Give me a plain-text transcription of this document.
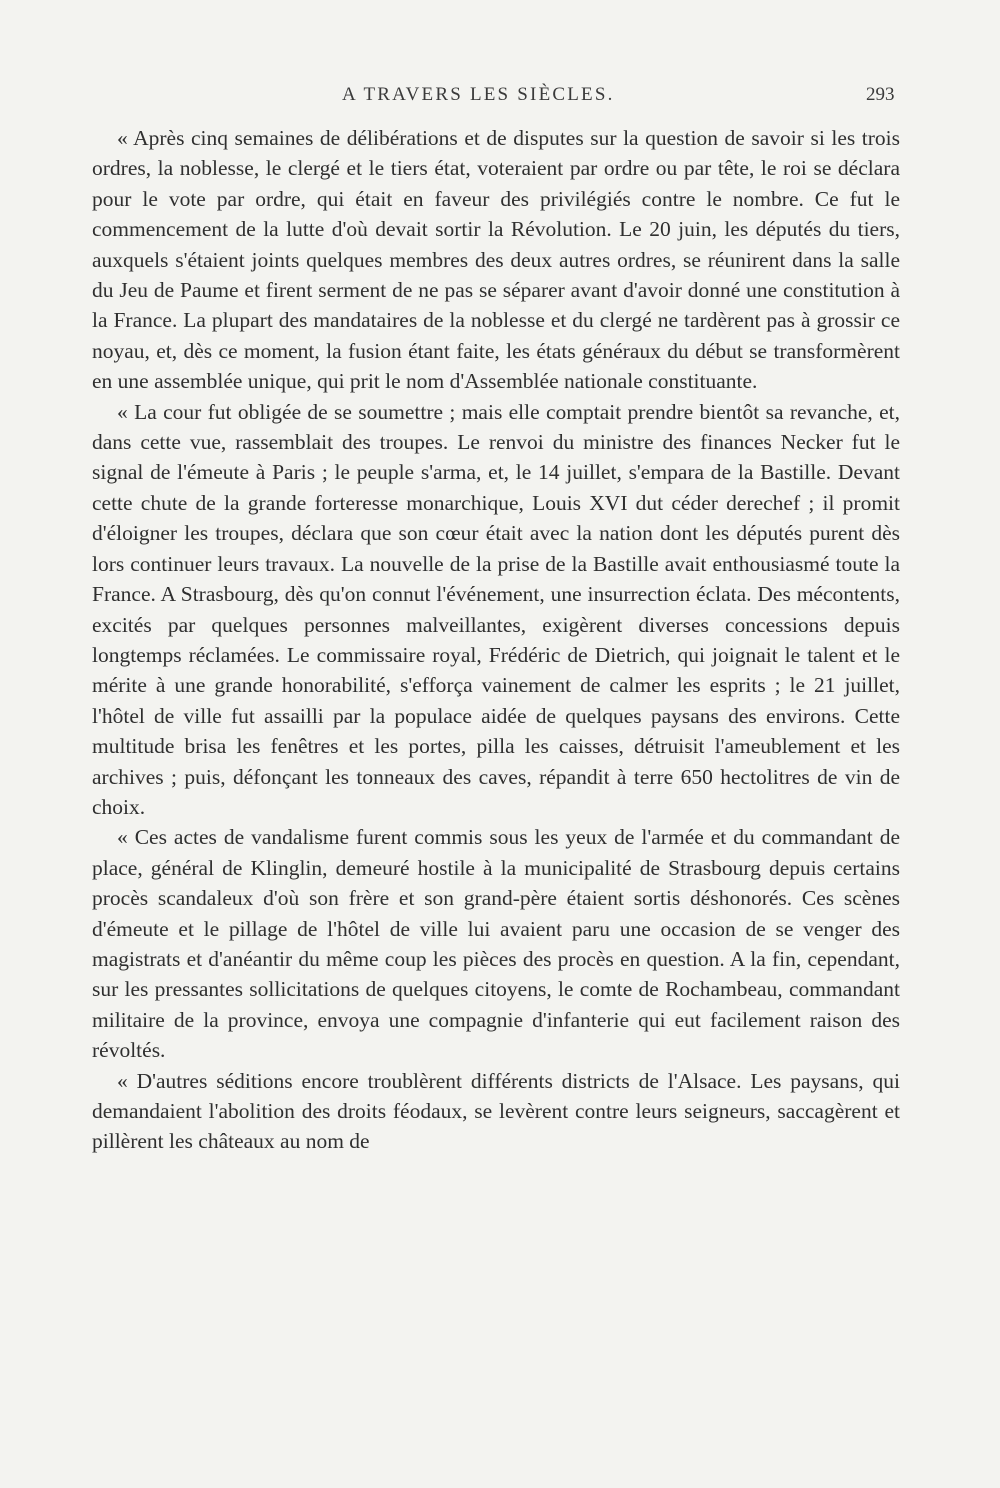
A TRAVERS LES SIÈCLES.	293

« Après cinq semaines de délibérations et de disputes sur la question de savoir si les trois ordres, la noblesse, le clergé et le tiers état, voteraient par ordre ou par tête, le roi se déclara pour le vote par ordre, qui était en faveur des privilégiés contre le nombre. Ce fut le commencement de la lutte d'où devait sortir la Révolution. Le 20 juin, les députés du tiers, auxquels s'étaient joints quelques membres des deux autres ordres, se réunirent dans la salle du Jeu de Paume et firent serment de ne pas se séparer avant d'avoir donné une constitution à la France. La plupart des mandataires de la noblesse et du clergé ne tardèrent pas à grossir ce noyau, et, dès ce moment, la fusion étant faite, les états généraux du début se transformèrent en une assemblée unique, qui prit le nom d'Assemblée nationale constituante.

« La cour fut obligée de se soumettre ; mais elle comptait prendre bientôt sa revanche, et, dans cette vue, rassemblait des troupes. Le renvoi du ministre des finances Necker fut le signal de l'émeute à Paris ; le peuple s'arma, et, le 14 juillet, s'empara de la Bastille. Devant cette chute de la grande forteresse monarchique, Louis XVI dut céder derechef ; il promit d'éloigner les troupes, déclara que son cœur était avec la nation dont les députés purent dès lors continuer leurs travaux. La nouvelle de la prise de la Bastille avait enthousiasmé toute la France. A Strasbourg, dès qu'on connut l'événement, une insurrection éclata. Des mécontents, excités par quelques personnes malveillantes, exigèrent diverses concessions depuis longtemps réclamées. Le commissaire royal, Frédéric de Dietrich, qui joignait le talent et le mérite à une grande honorabilité, s'efforça vainement de calmer les esprits ; le 21 juillet, l'hôtel de ville fut assailli par la populace aidée de quelques paysans des environs. Cette multitude brisa les fenêtres et les portes, pilla les caisses, détruisit l'ameublement et les archives ; puis, défonçant les tonneaux des caves, répandit à terre 650 hectolitres de vin de choix.

« Ces actes de vandalisme furent commis sous les yeux de l'armée et du commandant de place, général de Klinglin, demeuré hostile à la municipalité de Strasbourg depuis certains procès scandaleux d'où son frère et son grand-père étaient sortis déshonorés. Ces scènes d'émeute et le pillage de l'hôtel de ville lui avaient paru une occasion de se venger des magistrats et d'anéantir du même coup les pièces des procès en question. A la fin, cependant, sur les pressantes sollicitations de quelques citoyens, le comte de Rochambeau, commandant militaire de la province, envoya une compagnie d'infanterie qui eut facilement raison des révoltés.

« D'autres séditions encore troublèrent différents districts de l'Alsace. Les paysans, qui demandaient l'abolition des droits féodaux, se levèrent contre leurs seigneurs, saccagèrent et pillèrent les châteaux au nom de
